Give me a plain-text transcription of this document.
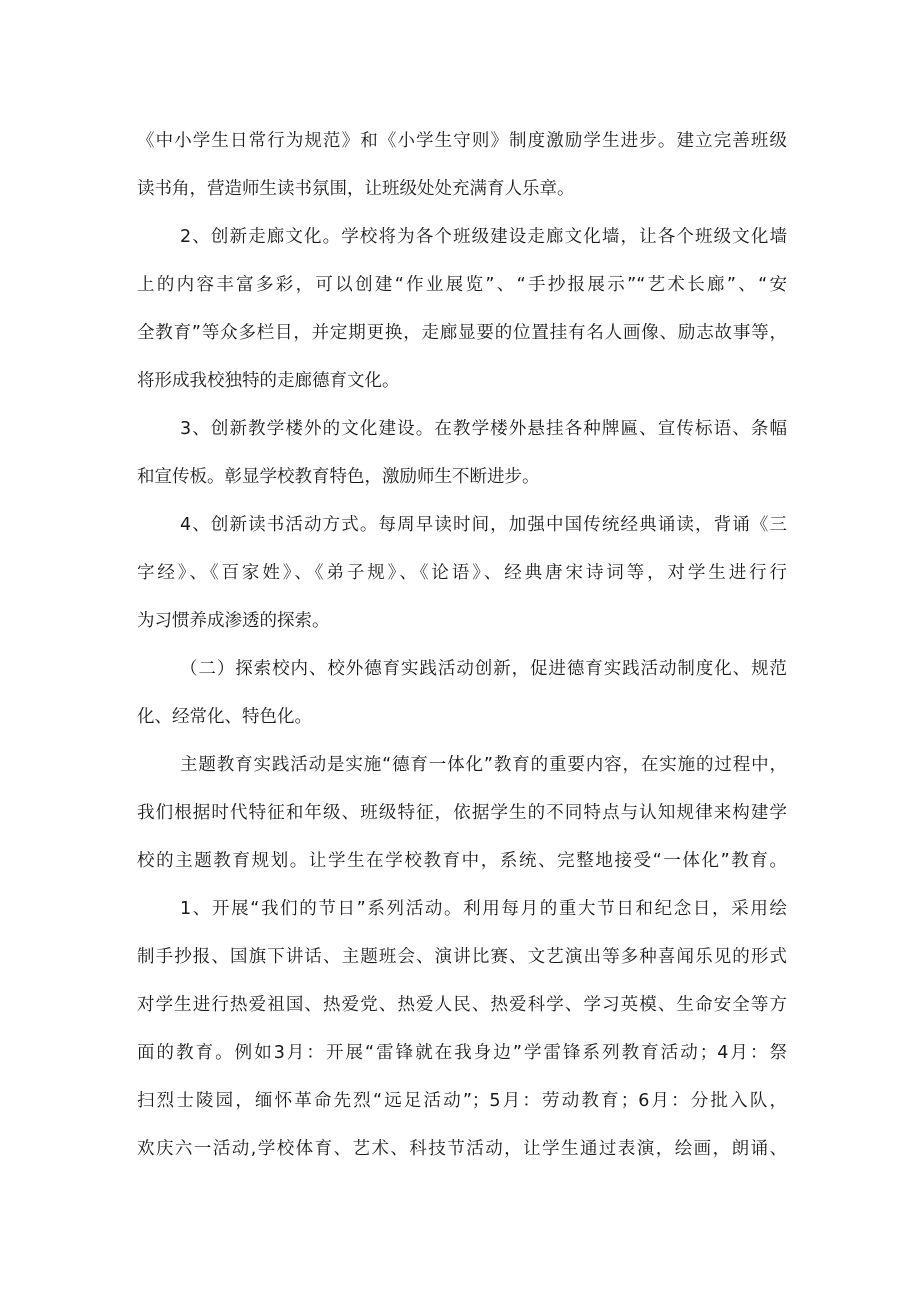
《中小学生日常行为规范》和《小学生守则》制度激励学生进步。建立完善班级
读书角，营造师生读书氛围，让班级处处充满育人乐章。
2、创新走廊文化。学校将为各个班级建设走廊文化墙，让各个班级文化墙
上的内容丰富多彩，可以创建“作业展览”、“手抄报展示”“艺术长廊”、“安
全教育”等众多栏目，并定期更换，走廊显要的位置挂有名人画像、励志故事等，
将形成我校独特的走廊德育文化。
3、创新教学楼外的文化建设。在教学楼外悬挂各种牌匾、宣传标语、条幅
和宣传板。彰显学校教育特色，激励师生不断进步。
4、创新读书活动方式。每周早读时间，加强中国传统经典诵读，背诵《三
字经》、《百家姓》、《弟子规》、《论语》、经典唐宋诗词等，对学生进行行
为习惯养成渗透的探索。
（二）探索校内、校外德育实践活动创新，促进德育实践活动制度化、规范
化、经常化、特色化。
主题教育实践活动是实施“德育一体化”教育的重要内容，在实施的过程中，
我们根据时代特征和年级、班级特征，依据学生的不同特点与认知规律来构建学
校的主题教育规划。让学生在学校教育中，系统、完整地接受“一体化”教育。
1、开展“我们的节日”系列活动。利用每月的重大节日和纪念日，采用绘
制手抄报、国旗下讲话、主题班会、演讲比赛、文艺演出等多种喜闻乐见的形式
对学生进行热爱祖国、热爱党、热爱人民、热爱科学、学习英模、生命安全等方
面的教育。例如3月：开展“雷锋就在我身边”学雷锋系列教育活动；4月：祭
扫烈士陵园，缅怀革命先烈“远足活动”；5月：劳动教育；6月：分批入队，
欢庆六一活动,学校体育、艺术、科技节活动，让学生通过表演，绘画，朗诵、
